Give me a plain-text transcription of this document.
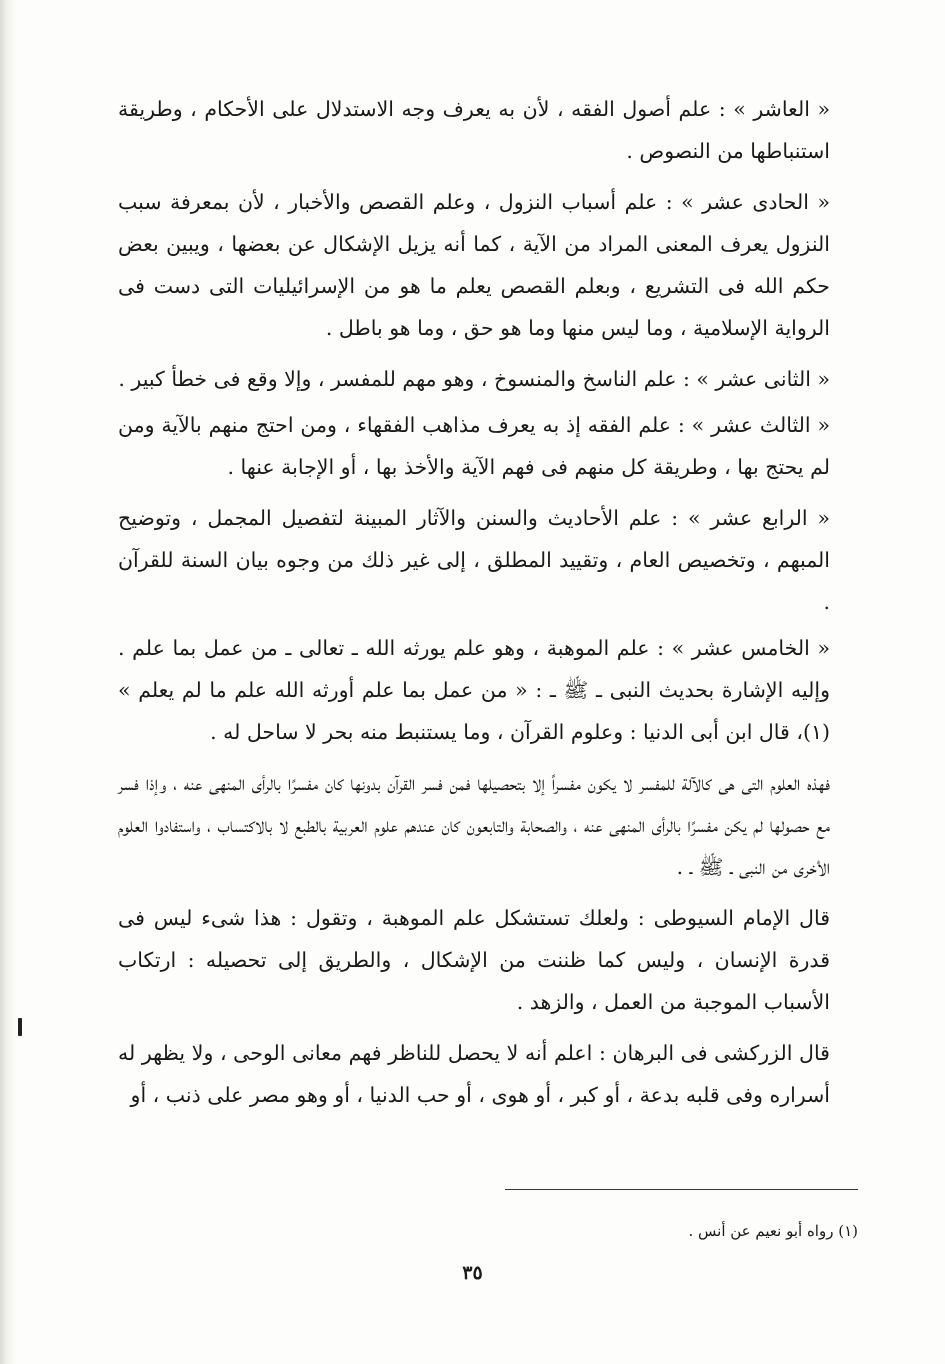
« العاشر » : علم أصول الفقه ، لأن به يعرف وجه الاستدلال على الأحكام ، وطريقة استنباطها من النصوص .

« الحادى عشر » : علم أسباب النزول ، وعلم القصص والأخبار ، لأن بمعرفة سبب النزول يعرف المعنى المراد من الآية ، كما أنه يزيل الإشكال عن بعضها ، ويبين بعض حكم الله فى التشريع ، وبعلم القصص يعلم ما هو من الإسرائيليات التى دست فى الرواية الإسلامية ، وما ليس منها وما هو حق ، وما هو باطل .

« الثانى عشر » : علم الناسخ والمنسوخ ، وهو مهم للمفسر ، وإلا وقع فى خطأ كبير .

« الثالث عشر » : علم الفقه إذ به يعرف مذاهب الفقهاء ، ومن احتج منهم بالآية ومن لم يحتج بها ، وطريقة كل منهم فى فهم الآية والأخذ بها ، أو الإجابة عنها .

« الرابع عشر » : علم الأحاديث والسنن والآثار المبينة لتفصيل المجمل ، وتوضيح المبهم ، وتخصيص العام ، وتقييد المطلق ، إلى غير ذلك من وجوه بيان السنة للقرآن .

« الخامس عشر » : علم الموهبة ، وهو علم يورثه الله ـ تعالى ـ من عمل بما علم . وإليه الإشارة بحديث النبى ـ ﷺ ـ : « من عمل بما علم أورثه الله علم ما لم يعلم » (١)، قال ابن أبى الدنيا : وعلوم القرآن ، وما يستنبط منه بحر لا ساحل له .

فهذه العلوم التى هى كالآلة للمفسر لا يكون مفسراً إلا بتحصيلها فمن فسر القرآن بدونها كان مفسرًا بالرأى المنهى عنه ، وإذا فسر مع حصولها لم يكن مفسرًا بالرأى المنهى عنه ، والصحابة والتابعون كان عندهم علوم العربية بالطبع لا بالاكتساب ، واستفادوا العلوم الأخرى من النبى ـ ﷺ ـ .

قال الإمام السيوطى : ولعلك تستشكل علم الموهبة ، وتقول : هذا شىء ليس فى قدرة الإنسان ، وليس كما ظننت من الإشكال ، والطريق إلى تحصيله : ارتكاب الأسباب الموجبة من العمل ، والزهد .

قال الزركشى فى البرهان : اعلم أنه لا يحصل للناظر فهم معانى الوحى ، ولا يظهر له أسراره وفى قلبه بدعة ، أو كبر ، أو هوى ، أو حب الدنيا ، أو وهو مصر على ذنب ، أو

(١) رواه أبو نعيم عن أنس .
٣٥
